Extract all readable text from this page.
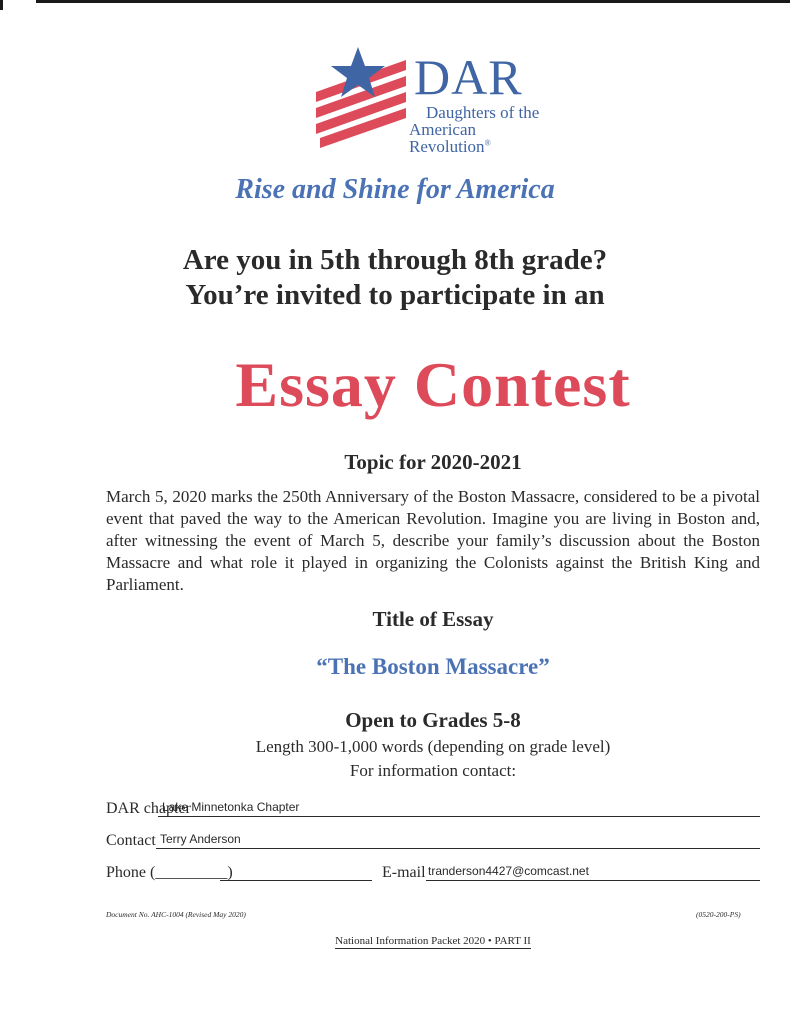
DAR
Daughters of the
American Revolution®
Rise and Shine for America
Are you in 5th through 8th grade?
You’re invited to participate in an
Essay Contest
Topic for 2020-2021
March 5, 2020 marks the 250th Anniversary of the Boston Massacre, considered to be a pivotal event that paved the way to the American Revolution. Imagine you are living in Boston and, after witnessing the event of March 5, describe your family’s discussion about the Boston Massacre and what role it played in organizing the Colonists against the British King and Parliament.
Title of Essay
“The Boston Massacre”
Open to Grades 5-8
Length 300-1,000 words (depending on grade level)
For information contact:
DAR chapter
Lake Minnetonka Chapter
Contact Terry Anderson
Phone (_________)	E-mail tranderson4427@comcast.net
Document No. AHC-1004 (Revised May 2020)	(0520-200-PS)
National Information Packet 2020 • PART II
